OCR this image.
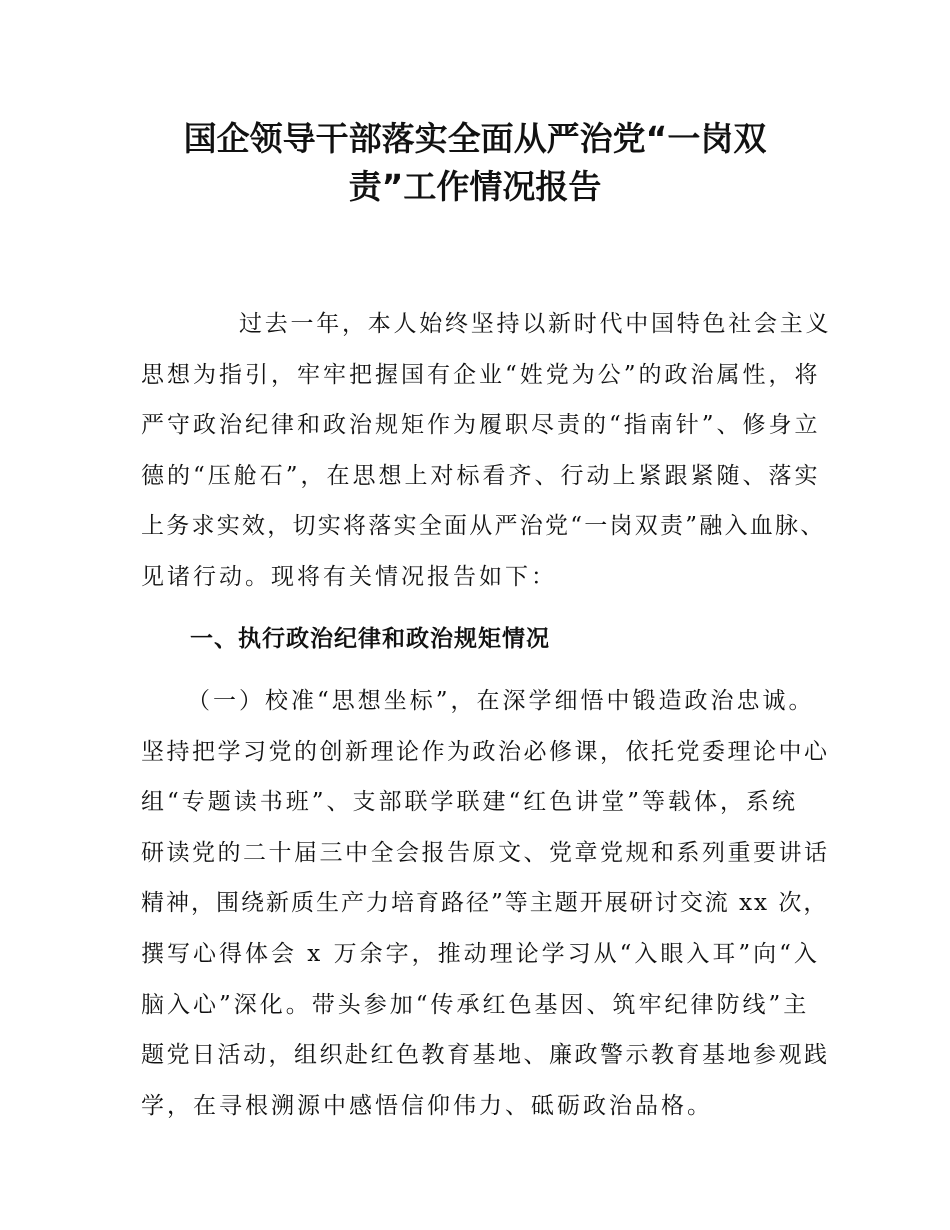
国企领导干部落实全面从严治党“一岗双
责”工作情况报告
过去一年，本人始终坚持以新时代中国特色社会主义
思想为指引，牢牢把握国有企业“姓党为公”的政治属性，将
严守政治纪律和政治规矩作为履职尽责的“指南针”、修身立
德的“压舱石”，在思想上对标看齐、行动上紧跟紧随、落实
上务求实效，切实将落实全面从严治党“一岗双责”融入血脉、
见诸行动。现将有关情况报告如下：
一、执行政治纪律和政治规矩情况
（一）校准“思想坐标”，在深学细悟中锻造政治忠诚。
坚持把学习党的创新理论作为政治必修课，依托党委理论中心
组“专题读书班”、支部联学联建“红色讲堂”等载体，系统
研读党的二十届三中全会报告原文、党章党规和系列重要讲话
精神，围绕新质生产力培育路径”等主题开展研讨交流 xx 次，
撰写心得体会 x 万余字，推动理论学习从“入眼入耳”向“入
脑入心”深化。带头参加“传承红色基因、筑牢纪律防线”主
题党日活动，组织赴红色教育基地、廉政警示教育基地参观践
学，在寻根溯源中感悟信仰伟力、砥砺政治品格。
